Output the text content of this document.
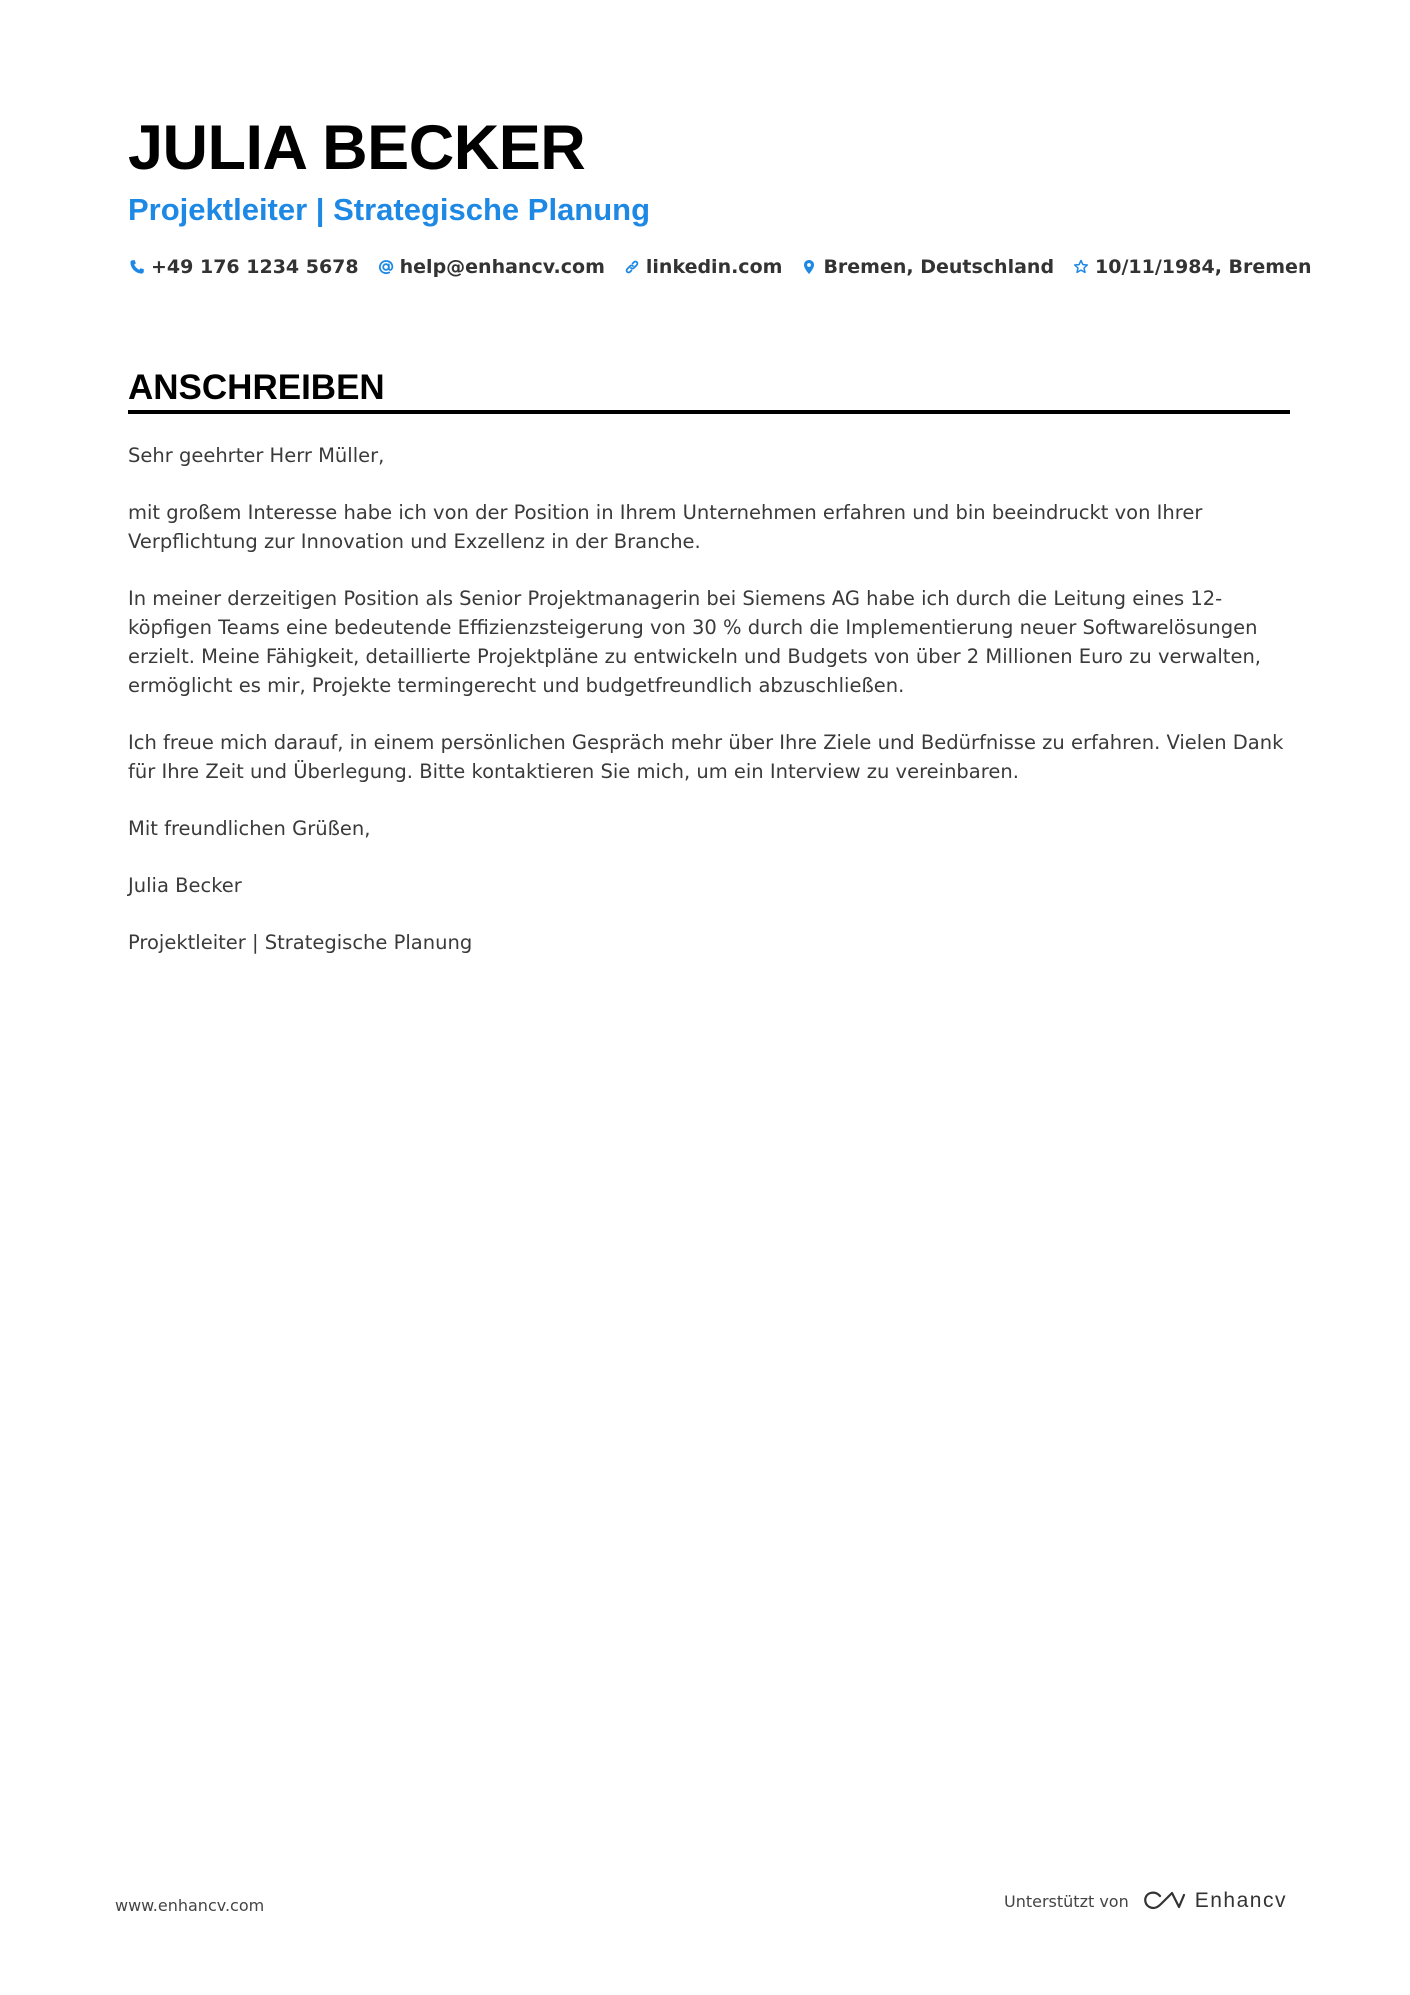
JULIA BECKER
Projektleiter | Strategische Planung
+49 176 1234 5678 help@enhancv.com linkedin.com Bremen, Deutschland 10/11/1984, Bremen
ANSCHREIBEN

Sehr geehrter Herr Müller,

mit großem Interesse habe ich von der Position in Ihrem Unternehmen erfahren und bin beeindruckt von Ihrer Verpflichtung zur Innovation und Exzellenz in der Branche.

In meiner derzeitigen Position als Senior Projektmanagerin bei Siemens AG habe ich durch die Leitung eines 12-köpfigen Teams eine bedeutende Effizienzsteigerung von 30 % durch die Implementierung neuer Softwarelösungen erzielt. Meine Fähigkeit, detaillierte Projektpläne zu entwickeln und Budgets von über 2 Millionen Euro zu verwalten, ermöglicht es mir, Projekte termingerecht und budgetfreundlich abzuschließen.

Ich freue mich darauf, in einem persönlichen Gespräch mehr über Ihre Ziele und Bedürfnisse zu erfahren. Vielen Dank für Ihre Zeit und Überlegung. Bitte kontaktieren Sie mich, um ein Interview zu vereinbaren.

Mit freundlichen Grüßen,

Julia Becker

Projektleiter | Strategische Planung

www.enhancv.com	Unterstützt von	Enhancv
